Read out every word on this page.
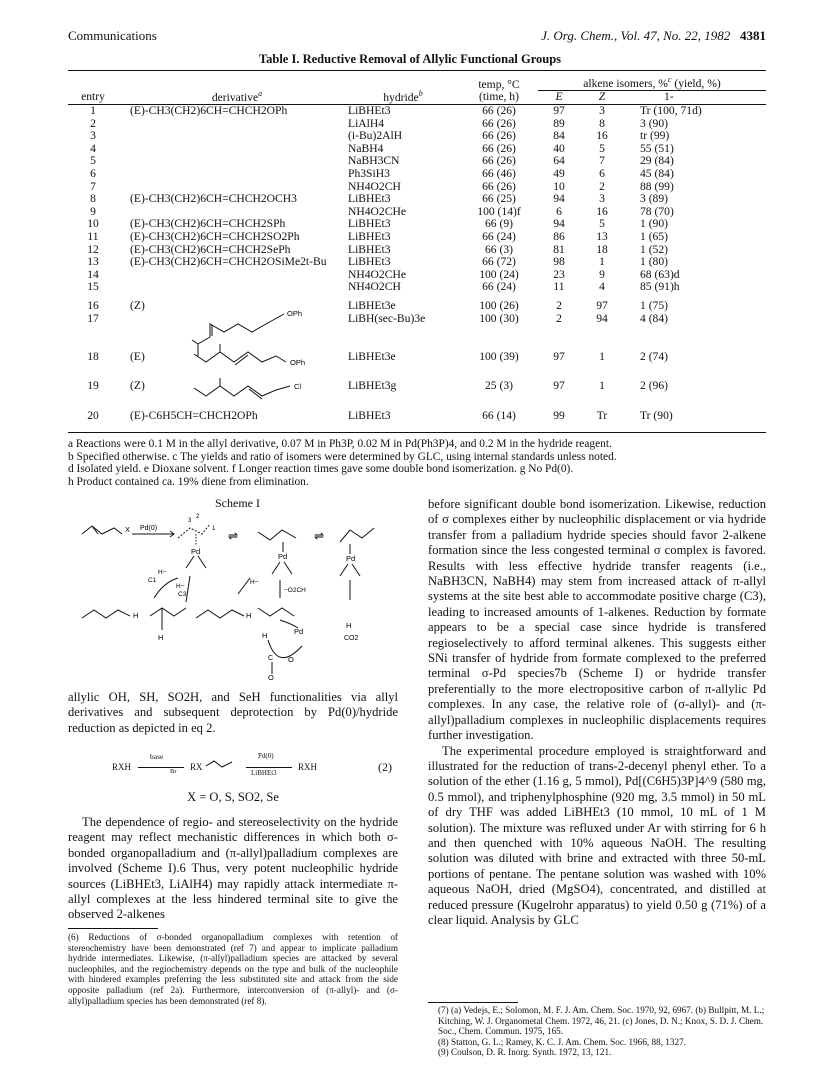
Communications	J. Org. Chem., Vol. 47, No. 22, 1982 4381
Table I. Reductive Removal of Allylic Functional Groups
entry	derivative$^a$	hydride$^b$	temp, °C
(time, h)	alkene isomers, %$^c$ (yield, %)		
				E	Z	1-

1	(E)-CH3(CH2)6CH=CHCH2OPh	LiBHEt3	66 (26)	97	3	Tr (100, 71d)
2		LiAlH4	66 (26)	89	8	3 (90)
3		(i-Bu)2AlH	66 (26)	84	16	tr (99)
4		NaBH4	66 (26)	40	5	55 (51)
5		NaBH3CN	66 (26)	64	7	29 (84)
6		Ph3SiH3	66 (46)	49	6	45 (84)
7		NH4O2CH	66 (26)	10	2	88 (99)
8	(E)-CH3(CH2)6CH=CHCH2OCH3	LiBHEt3	66 (25)	94	3	3 (89)
9		NH4O2CHe	100 (14)f	6	16	78 (70)
10	(E)-CH3(CH2)6CH=CHCH2SPh	LiBHEt3	66 (9)	94	5	1 (90)
11	(E)-CH3(CH2)6CH=CHCH2SO2Ph	LiBHEt3	66 (24)	86	13	1 (65)
12	(E)-CH3(CH2)6CH=CHCH2SePh	LiBHEt3	66 (3)	81	18	1 (52)
13	(E)-CH3(CH2)6CH=CHCH2OSiMe2t-Bu	LiBHEt3	66 (72)	98	1	1 (80)
14		NH4O2CHe	100 (24)	23	9	68 (63)d
15		NH4O2CH	66 (24)	11	4	85 (91)h
16	(Z)	LiBHEt3e	100 (26)	2	97	1 (75)
17		LiBH(sec-Bu)3e	100 (30)	2	94	4 (84)
18	(E)	LiBHEt3e	100 (39)	97	1	2 (74)
19	(Z)	LiBHEt3g	25 (3)	97	1	2 (96)
20	(E)-C6H5CH=CHCH2OPh	LiBHEt3	66 (14)	99	Tr	Tr (90)
OPh
OPh
Cl
a Reactions were 0.1 M in the allyl derivative, 0.07 M in Ph3P, 0.02 M in Pd(Ph3P)4, and 0.2 M in the hydride reagent.
b Specified otherwise. c The yields and ratio of isomers were determined by GLC, using internal standards unless noted.
d Isolated yield. e Dioxane solvent. f Longer reaction times gave some double bond isomerization. g No Pd(0).
h Product contained ca. 19% diene from elimination.
Scheme I
X Pd(0)
3
2
1
Pd
⇌
Pd
⇌
Pd
C1
H−
H−
C3
H−
−O2CH
H
H
H
H	Pd
C O
O
H
CO2

allylic OH, SH, SO2H, and SeH functionalities via allyl derivatives and subsequent deprotection by Pd(0)/hydride reduction as depicted in eq 2.

RXH
base
Br RX
Pd(0)
LiBHEt3
RXH	(2)
X = O, S, SO2, Se

The dependence of regio- and stereoselectivity on the hydride reagent may reflect mechanistic differences in which both σ-bonded organopalladium and (π-allyl)palladium complexes are involved (Scheme I).6 Thus, very potent nucleophilic hydride sources (LiBHEt3, LiAlH4) may rapidly attack intermediate π-allyl complexes at the less hindered terminal site to give the observed 2-alkenes

(6) Reductions of σ-bonded organopalladium complexes with retention of stereochemistry have been demonstrated (ref 7) and appear to implicate palladium hydride intermediates. Likewise, (π-allyl)palladium species are attacked by several nucleophiles, and the regiochemistry depends on the type and bulk of the nucleophile with hindered examples preferring the less substituted site and attack from the side opposite palladium (ref 2a). Furthermore, interconversion of (π-allyl)- and (σ-allyl)palladium species has been demonstrated (ref 8).

before significant double bond isomerization. Likewise, reduction of σ complexes either by nucleophilic displacement or via hydride transfer from a palladium hydride species should favor 2-alkene formation since the less congested terminal σ complex is favored. Results with less effective hydride transfer reagents (i.e., NaBH3CN, NaBH4) may stem from increased attack of π-allyl systems at the site best able to accommodate positive charge (C3), leading to increased amounts of 1-alkenes. Reduction by formate appears to be a special case since hydride is transfered regioselectively to afford terminal alkenes. This suggests either SNi transfer of hydride from formate complexed to the preferred terminal σ-Pd species7b (Scheme I) or hydride transfer preferentially to the more electropositive carbon of π-allylic Pd complexes. In any case, the relative role of (σ-allyl)- and (π-allyl)palladium complexes in nucleophilic displacements requires further investigation.

The experimental procedure employed is straightforward and illustrated for the reduction of trans-2-decenyl phenyl ether. To a solution of the ether (1.16 g, 5 mmol), Pd[(C6H5)3P]4^9 (580 mg, 0.5 mmol), and triphenylphosphine (920 mg, 3.5 mmol) in 50 mL of dry THF was added LiBHEt3 (10 mmol, 10 mL of 1 M solution). The mixture was refluxed under Ar with stirring for 6 h and then quenched with 10% aqueous NaOH. The resulting solution was diluted with brine and extracted with three 50-mL portions of pentane. The pentane solution was washed with 10% aqueous NaOH, dried (MgSO4), concentrated, and distilled at reduced pressure (Kugelrohr apparatus) to yield 0.50 g (71%) of a clear liquid. Analysis by GLC

(7) (a) Vedejs, E.; Solomon, M. F. J. Am. Chem. Soc. 1970, 92, 6967. (b) Bullpitt, M. L.; Kitching, W. J. Organometal Chem. 1972, 46, 21. (c) Jones, D. N.; Knox, S. D. J. Chem. Soc., Chem. Commun. 1975, 165.
(8) Statton, G. L.; Ramey, K. C. J. Am. Chem. Soc. 1966, 88, 1327.
(9) Coulson, D. R. Inorg. Synth. 1972, 13, 121.
